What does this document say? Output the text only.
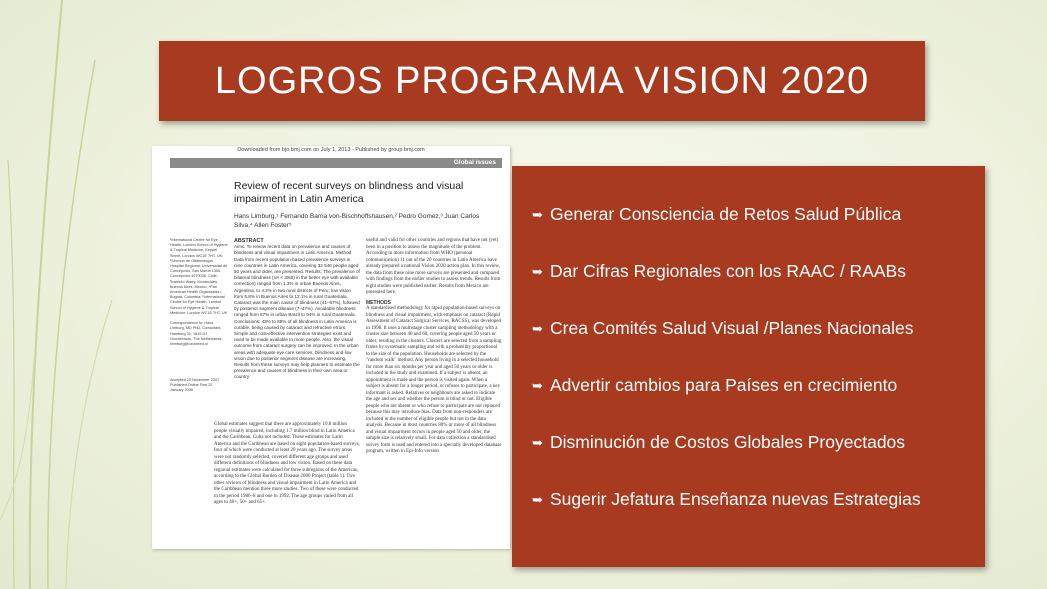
LOGROS PROGRAMA VISION 2020
Downloaded from bjo.bmj.com on July 1, 2013 - Published by group.bmj.com
Global issues
Review of recent surveys on blindness and visual impairment in Latin America
Hans Limburg,¹ Fernando Barria von-Bischhoffshausen,² Pedro Gomez,³ Juan Carlos Silva,⁴ Allen Foster⁵
¹International Centre for Eye Health, London School of Hygiene & Tropical Medicine, Keppel Street, London WC1E 7HT, UK; ²Servicio de Oftalmología, Hospital Regional, Universidad de Concepción, San Martín 1350, Concepción 4070038, Chile; ³Instituto Warry, Montevideo, Buenos Aires, Mexico; ⁴Pan American Health Organization, Bogotá, Colombia; ⁵International Centre for Eye Health, London School of Hygiene & Tropical Medicine, London WC1E 7HT, UK

Correspondence to: Hans Limburg, MD PhD, Consultant, Hamburg 32, 1815 DJ Grootebroek, The Netherlands; hlimburg@ozobleed.nl
Accepted 25 November 2007 Published Online First 22 January 2008
ABSTRACT
Aims: To review recent data on prevalence and causes of blindness and visual impairment in Latin America. Method: Data from recent population-based prevalence surveys in nine countries in Latin America, covering 32 546 people aged 50 years and older, are presented. Results: The prevalence of bilateral blindness (VA < 3/60) in the better eye with available correction) ranged from 1.3% in urban Buenos Aires, Argentina, to 4.3% in two rural districts of Peru; low vision from 5.8% in Buenos Aires to 12.1% in rural Guatemala. Cataract was the main cause of blindness (41–67%), followed by posterior segment disease (7–47%). Avoidable blindness ranged from 67% in urban Brazil to 94% in rural Guatemala. Conclusions: 43% to 88% of all blindness in Latin America is curable, being caused by cataract and refractive errors. Simple and cost-effective intervention strategies exist and need to be made available to more people. Also, the visual outcome from cataract surgery can be improved. In the urban areas with adequate eye care services, blindness and low vision due to posterior segment disease are increasing. Results from these surveys may help planners to estimate the prevalence and causes of blindness in their own area or country.
Global estimates suggest that there are approximately 10.8 million people visually impaired, including 1.7 million blind in Latin America and the Caribbean, Cuba not included. These estimates for Latin America and the Caribbean are based on eight population-based surveys, four of which were conducted at least 20 years ago. The survey areas were not randomly selected, covered different age groups and used different definitions of blindness and low vision. Based on these data regional estimates were calculated for three subregions of the Americas, according to the Global Burden of Disease 2000 Project (table 1). Two other reviews of blindness and visual impairment in Latin America and the Caribbean mention three more studies. Two of these were conducted in the period 1986–8 and one in 1992. The age groups varied from all ages to 40+, 50+ and 65+.
useful and valid for other countries and regions that have not (yet) been in a position to assess the magnitude of the problem. According to more information from WHO (personal communication) 11 out of the 20 countries in Latin America have already prepared a national Vision 2020 action plan. In this review, the data from these nine more surveys are presented and compared with findings from the earlier studies to assess trends. Results from eight studies were published earlier. Results from Mexico are presented here.
METHODS
A standardised methodology for rapid population-based surveys on blindness and visual impairment, with emphasis on cataract (Rapid Assessment of Cataract Surgical Services, RACSS), was developed in 1998. It uses a multistage cluster sampling methodology with a cluster size between 40 and 60, covering people aged 50 years or older, residing in the clusters. Clusters are selected from a sampling frame by systematic sampling and with a probability proportional to the size of the population. Households are selected by the "random walk" method. Any person living in a selected household for more than six months per year and aged 50 years or older is included in the study and examined. If a subject is absent, an appointment is made and the person is visited again. When a subject is absent for a longer period, or refuses to participate, a key informant is asked. Relatives or neighbours are asked to indicate the age and sex and whether the person is blind or not. Eligible people who are absent or who refuse to participate are not replaced because this may introduce bias. Data from non-responders are included in the number of eligible people but not in the data analysis. Because in most countries 80% or more of all blindness and visual impairment occurs in people aged 50 and older, the sample size is relatively small. For data collection a standardised survey form is used and entered into a specially developed database program, written in Epi-Info version
➥ Generar Consciencia de Retos Salud Pública
➥ Dar Cifras Regionales con los RAAC / RAABs
➥ Crea Comités Salud Visual /Planes Nacionales
➥ Advertir cambios para Países en crecimiento
➥ Disminución de Costos Globales Proyectados
➥ Sugerir Jefatura Enseñanza nuevas Estrategias
